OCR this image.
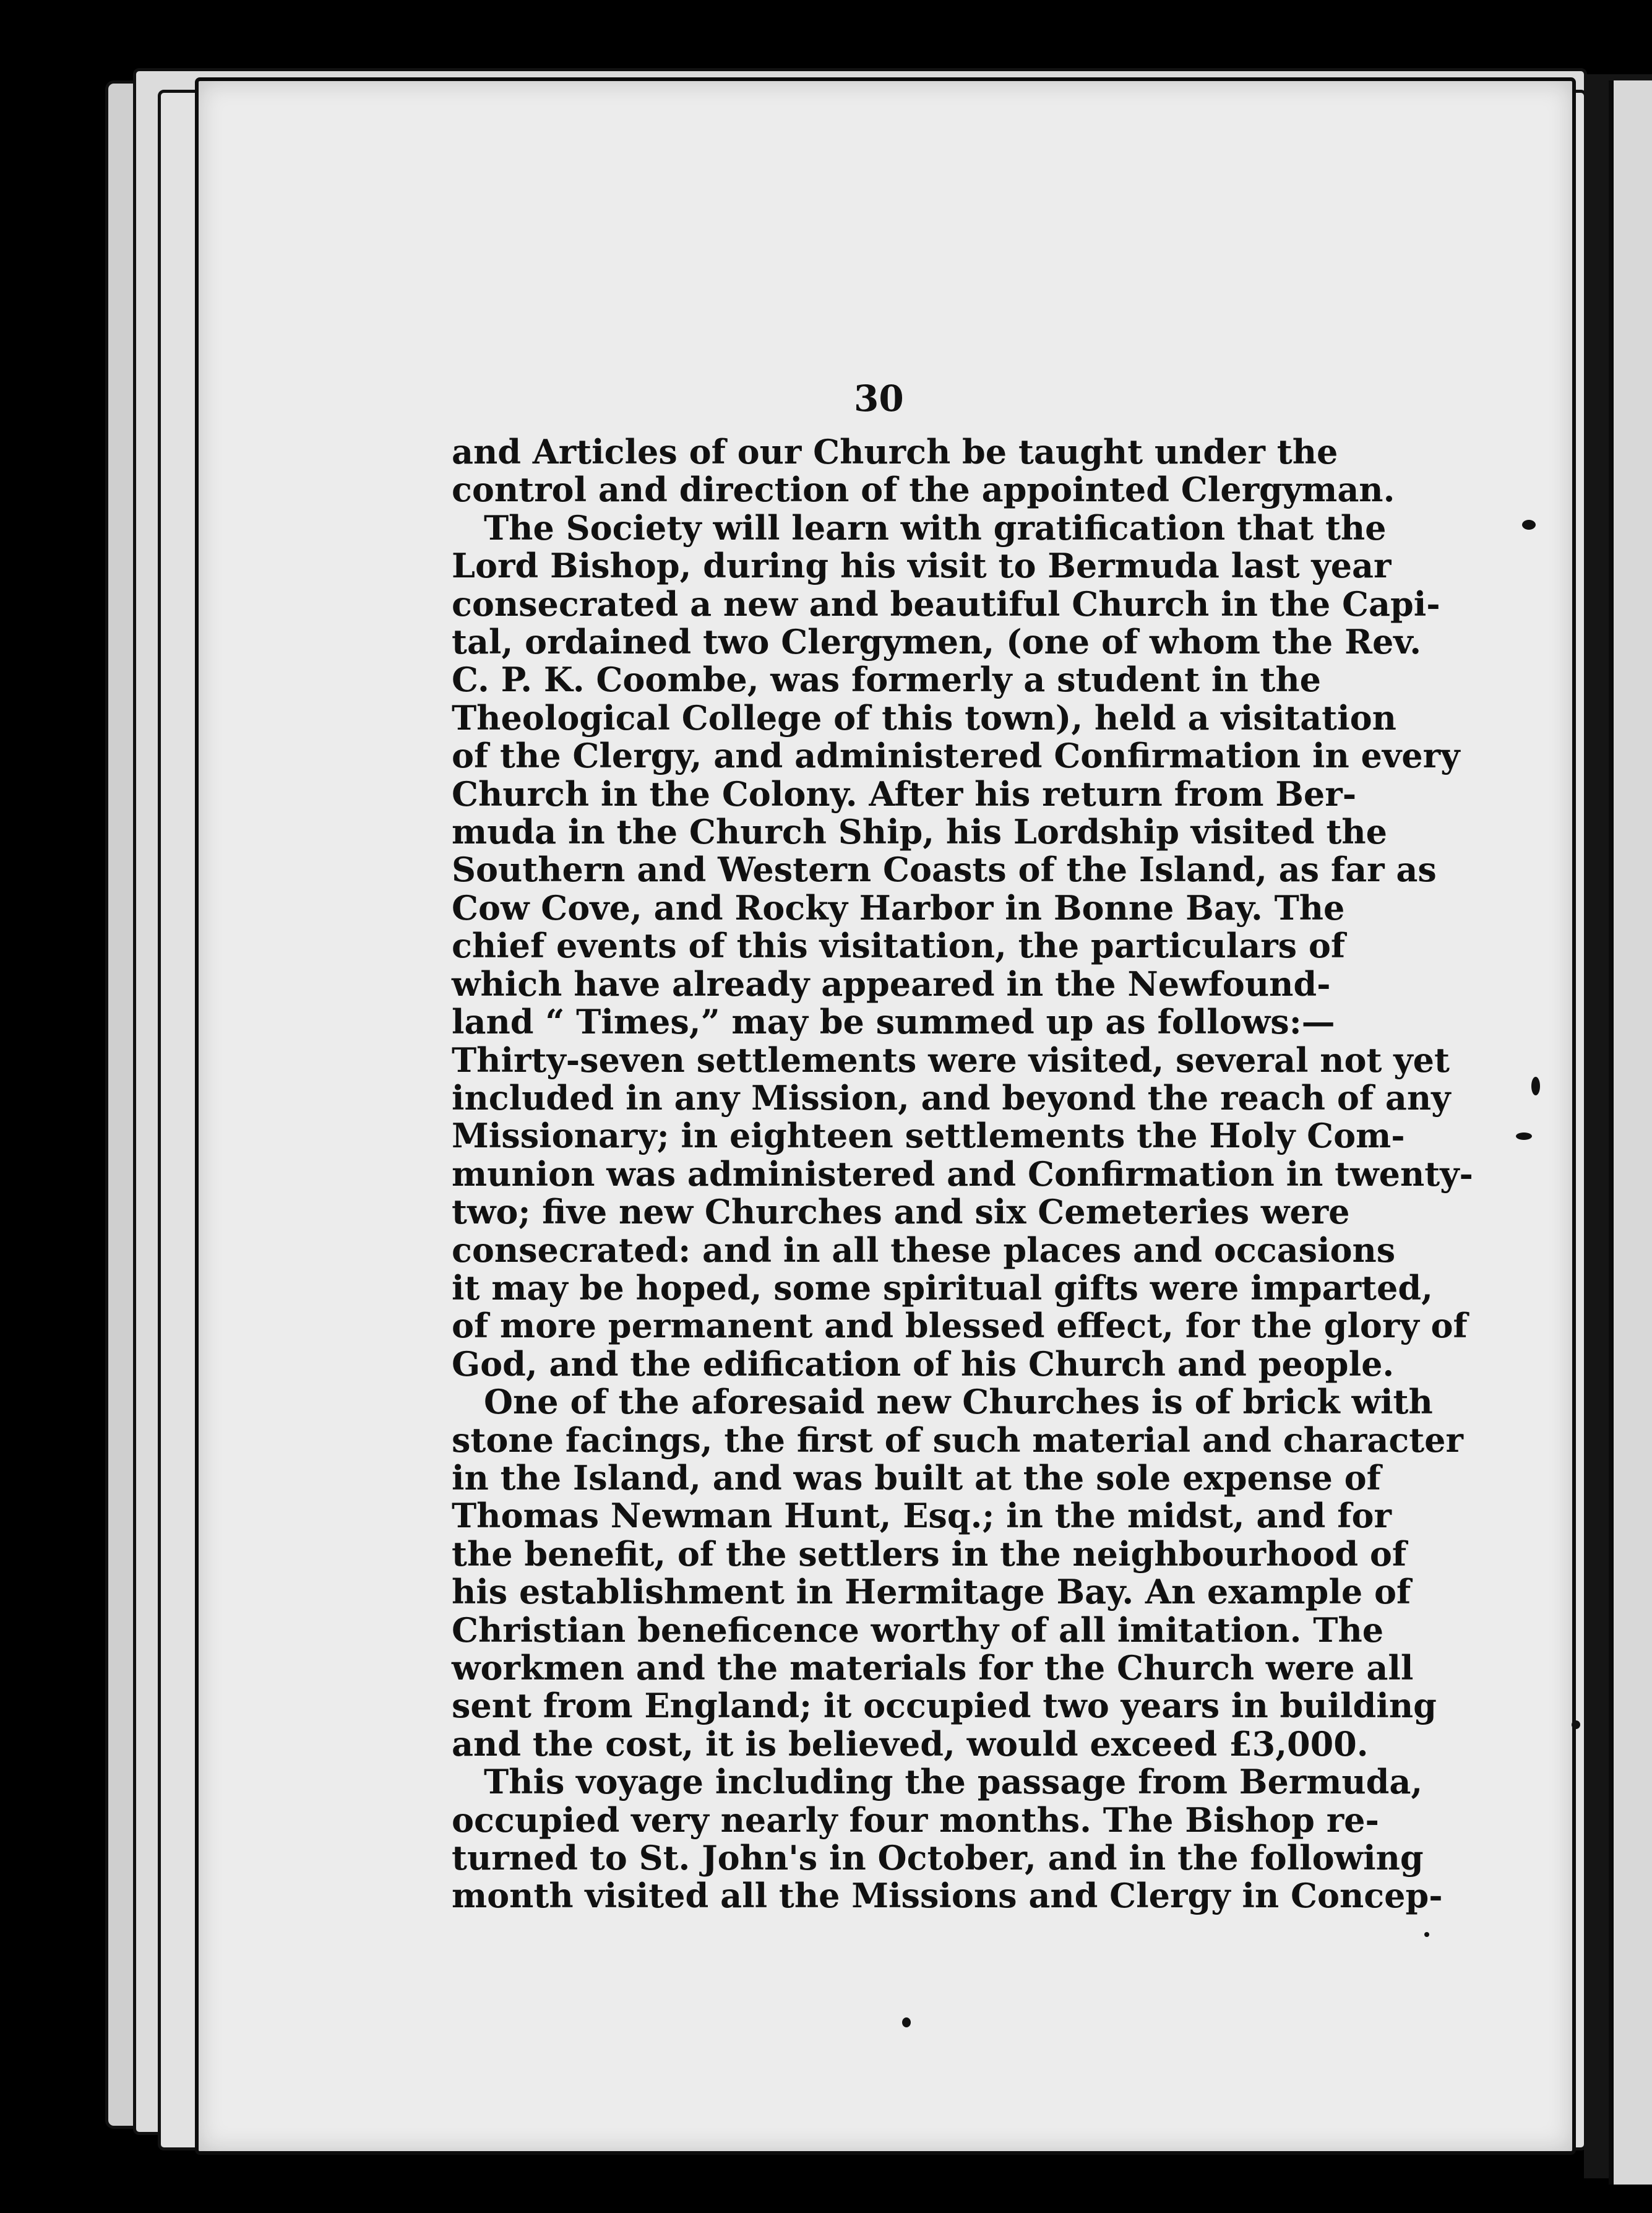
30
and Articles of our Church be taught under the
control and direction of the appointed Clergyman.
The Society will learn with gratification that the
Lord Bishop, during his visit to Bermuda last year
consecrated a new and beautiful Church in the Capi-
tal, ordained two Clergymen, (one of whom the Rev.
C. P. K. Coombe, was formerly a student in the
Theological College of this town), held a visitation
of the Clergy, and administered Confirmation in every
Church in the Colony. After his return from Ber-
muda in the Church Ship, his Lordship visited the
Southern and Western Coasts of the Island, as far as
Cow Cove, and Rocky Harbor in Bonne Bay. The
chief events of this visitation, the particulars of
which have already appeared in the Newfound-
land “ Times,” may be summed up as follows:—
Thirty-seven settlements were visited, several not yet
included in any Mission, and beyond the reach of any
Missionary; in eighteen settlements the Holy Com-
munion was administered and Confirmation in twenty-
two; five new Churches and six Cemeteries were
consecrated: and in all these places and occasions
it may be hoped, some spiritual gifts were imparted,
of more permanent and blessed effect, for the glory of
God, and the edification of his Church and people.
One of the aforesaid new Churches is of brick with
stone facings, the first of such material and character
in the Island, and was built at the sole expense of
Thomas Newman Hunt, Esq.; in the midst, and for
the benefit, of the settlers in the neighbourhood of
his establishment in Hermitage Bay. An example of
Christian beneficence worthy of all imitation. The
workmen and the materials for the Church were all
sent from England; it occupied two years in building
and the cost, it is believed, would exceed £3,000.
This voyage including the passage from Bermuda,
occupied very nearly four months. The Bishop re-
turned to St. John's in October, and in the following
month visited all the Missions and Clergy in Concep-
